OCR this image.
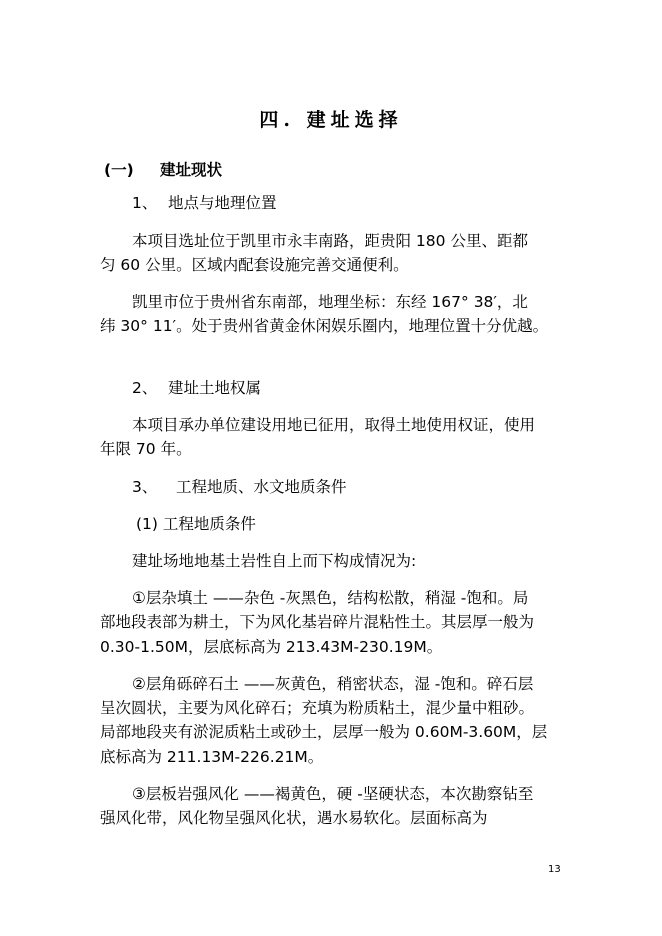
四. 建址选择
(一) 建址现状
1、 地点与地理位置
本项目选址位于凯里市永丰南路，距贵阳 180 公里、距都
匀 60 公里。区域内配套设施完善交通便利。
凯里市位于贵州省东南部，地理坐标：东经 167° 38′，北
纬 30° 11′。处于贵州省黄金休闲娱乐圈内，地理位置十分优越。
2、 建址土地权属
本项目承办单位建设用地已征用，取得土地使用权证，使用
年限 70 年。
3、 工程地质、水文地质条件
(1) 工程地质条件
建址场地地基土岩性自上而下构成情况为:
①层杂填土 ——杂色 -灰黑色，结构松散，稍湿 -饱和。局
部地段表部为耕土，下为风化基岩碎片混粘性土。其层厚一般为
0.30-1.50M，层底标高为 213.43M-230.19M。
②层角砾碎石土 ——灰黄色，稍密状态，湿 -饱和。碎石层
呈次圆状，主要为风化碎石；充填为粉质粘土，混少量中粗砂。
局部地段夹有淤泥质粘土或砂土，层厚一般为 0.60M-3.60M，层
底标高为 211.13M-226.21M。
③层板岩强风化 ——褐黄色，硬 -坚硬状态，本次勘察钻至
强风化带，风化物呈强风化状，遇水易软化。层面标高为
13
